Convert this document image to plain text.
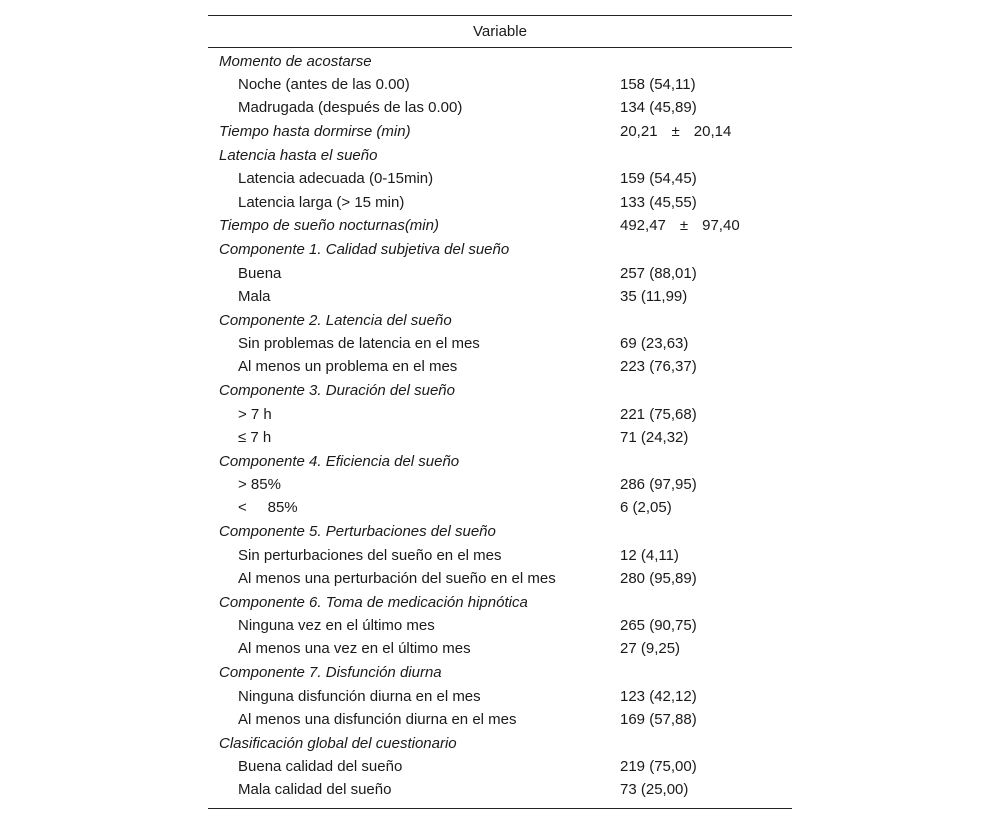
Variable
Momento de acostarse
Noche (antes de las 0.00)	158 (54,11)
Madrugada (después de las 0.00)	134 (45,89)
Tiempo hasta dormirse (min)	20,21 ± 20,14
Latencia hasta el sueño
Latencia adecuada (0-15min)	159 (54,45)
Latencia larga (> 15 min)	133 (45,55)
Tiempo de sueño nocturnas(min)	492,47 ± 97,40
Componente 1. Calidad subjetiva del sueño
Buena	257 (88,01)
Mala	35 (11,99)
Componente 2. Latencia del sueño
Sin problemas de latencia en el mes	69 (23,63)
Al menos un problema en el mes	223 (76,37)
Componente 3. Duración del sueño
> 7 h	221 (75,68)
≤ 7 h	71 (24,32)
Componente 4. Eficiencia del sueño
> 85%	286 (97,95)
<     85%	6 (2,05)
Componente 5. Perturbaciones del sueño
Sin perturbaciones del sueño en el mes	12 (4,11)
Al menos una perturbación del sueño en el mes	280 (95,89)
Componente 6. Toma de medicación hipnótica
Ninguna vez en el último mes	265 (90,75)
Al menos una vez en el último mes	27 (9,25)
Componente 7. Disfunción diurna
Ninguna disfunción diurna en el mes	123 (42,12)
Al menos una disfunción diurna en el mes	169 (57,88)
Clasificación global del cuestionario
Buena calidad del sueño	219 (75,00)
Mala calidad del sueño	73 (25,00)
